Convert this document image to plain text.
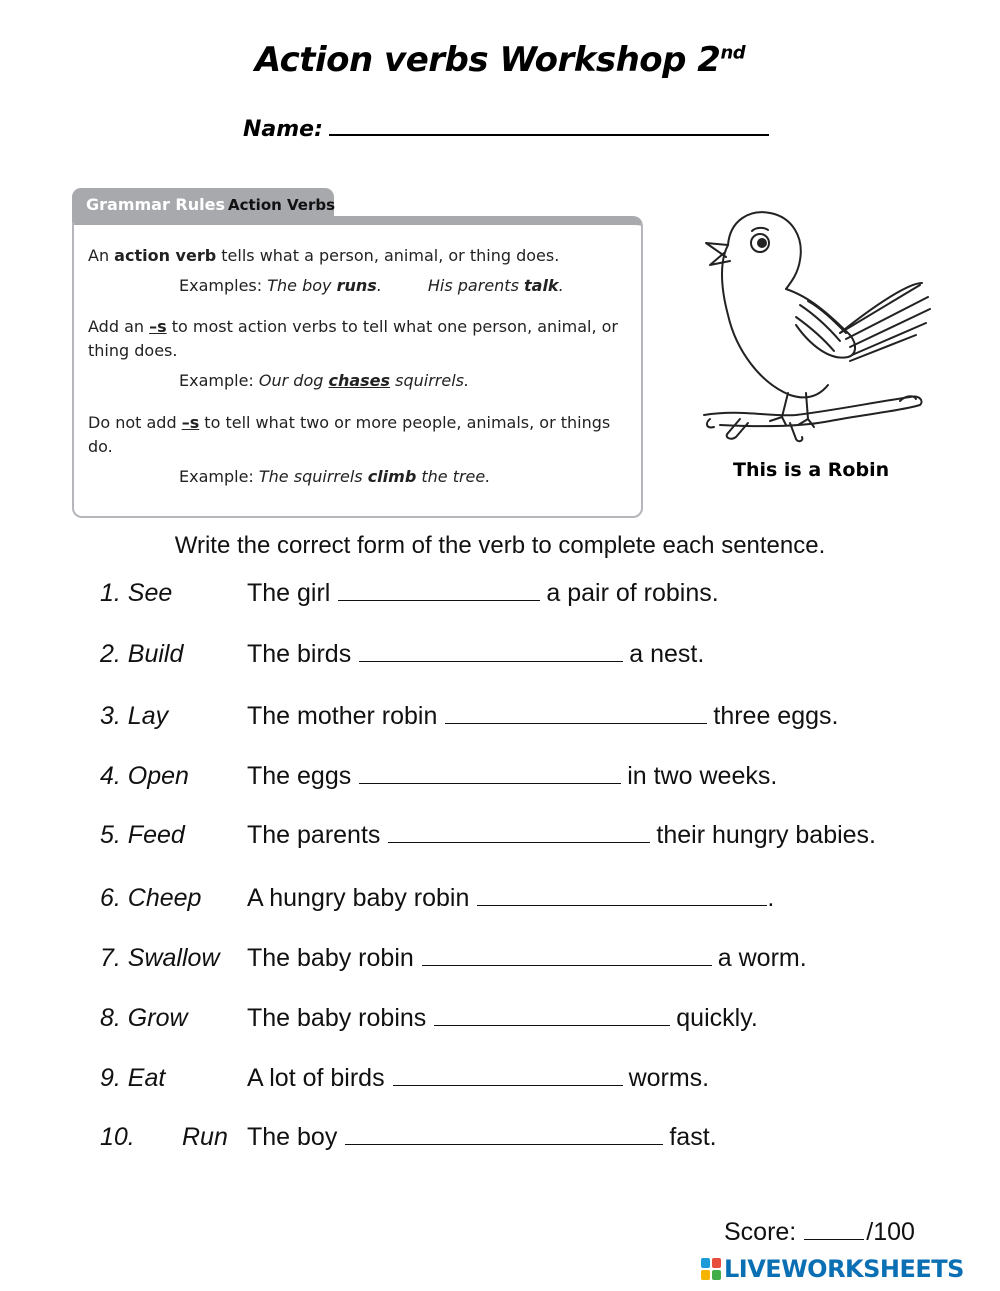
Action verbs Workshop 2nd
Name:
An action verb tells what a person, animal, or thing does.
Examples: The boy runs.	His parents talk.
Add an –s to most action verbs to tell what one person, animal, or thing does.
Example: Our dog chases squirrels.
Do not add –s to tell what two or more people, animals, or things do.
Example: The squirrels climb the tree.
Grammar Rules Action Verbs
This is a Robin
Write the correct form of the verb to complete each sentence.
1. See	The girl	a pair of robins.
2. Build	The birds	a nest.
3. Lay	The mother robin	three eggs.
4. Open The eggs	in two weeks.
5. Feed The parents	their hungry babies.
6. Cheep A hungry baby robin	.
7. Swallow The baby robin	a worm.
8. Grow The baby robins	quickly.
9. Eat	A lot of birds	worms.
10. Run The boy	fast.
Score:	/100
LIVEWORKSHEETS
